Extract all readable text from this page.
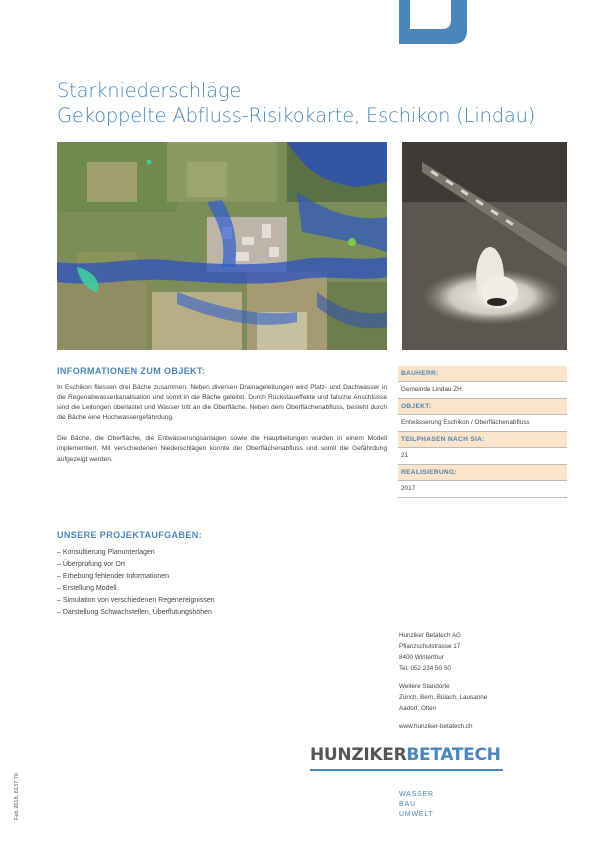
Starkniederschläge
Gekoppelte Abfluss-Risikokarte, Eschikon (Lindau)
INFORMATIONEN ZUM OBJEKT:

In Eschikon fliessen drei Bäche zusammen. Neben diversen Drainageleitungen wird Platz- und Dachwasser in die Regenabwasserkanalisation und somit in die Bäche geleitet. Durch Rückstaueffekte und falsche Anschlüsse sind die Leitungen überlastet und Wasser tritt an die Oberfläche. Neben dem Oberflächenabfluss, besteht durch die Bäche eine Hochwassergefährdung.

Die Bäche, die Oberfläche, die Entwässerungsanlagen sowie die Hauptleitungen wurden in einem Modell implementiert. Mit verschiedenen Niederschlägen konnte der Oberflächenabfluss und somit die Gefährdung aufgezeigt werden.

BAUHERR:
Gemeinde Lindau ZH
OBJEKT:
Entwässerung Eschikon / Oberflächenabfluss
TEILPHASEN NACH SIA:
21
REALISIERUNG:
2017
UNSERE PROJEKTAUFGABEN:
– Konsultierung Planunterlagen
– Überprüfung vor Ort
– Erhebung fehlender Informationen
– Erstellung Modell
– Simulation von verschiedenen Regenereignissen
– Darstellung Schwachstellen, Überflutungshöhen
Hunziker Betatech AG
Pflanzschulstrasse 17
8400 Winterthur
Tel. 052 234 50 50
Weitere Standorte
Zürich, Bern, Bülach, Lausanne
Aadorf, Olten
www.hunziker-betatech.ch
HUNZIKERBETATECH
WASSER
BAU
UMWELT
Feb 2018, 8137.70
